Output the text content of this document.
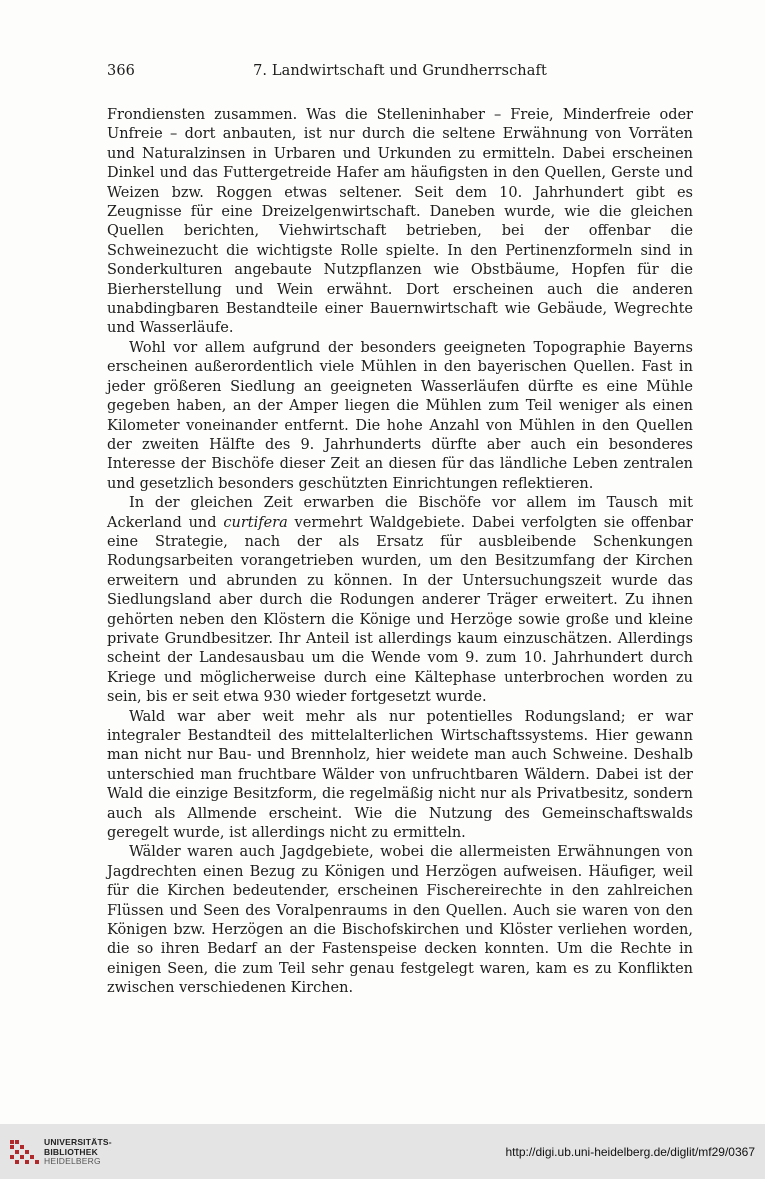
366	7. Landwirtschaft und Grundherrschaft

Frondiensten zusammen. Was die Stelleninhaber – Freie, Minderfreie oder Unfreie – dort anbauten, ist nur durch die seltene Erwähnung von Vorräten und Naturalzinsen in Urbaren und Urkunden zu ermitteln. Dabei erscheinen Dinkel und das Futtergetreide Hafer am häufigsten in den Quellen, Gerste und Weizen bzw. Roggen etwas seltener. Seit dem 10. Jahrhundert gibt es Zeugnisse für eine Dreizelgenwirtschaft. Daneben wurde, wie die gleichen Quellen berichten, Viehwirtschaft betrieben, bei der offenbar die Schweinezucht die wichtigste Rolle spielte. In den Pertinenzformeln sind in Sonderkulturen angebaute Nutzpflanzen wie Obstbäume, Hopfen für die Bierherstellung und Wein erwähnt. Dort erscheinen auch die anderen unabdingbaren Bestandteile einer Bauernwirtschaft wie Gebäude, Wegrechte und Wasserläufe.

Wohl vor allem aufgrund der besonders geeigneten Topographie Bayerns erscheinen außerordentlich viele Mühlen in den bayerischen Quellen. Fast in jeder größeren Siedlung an geeigneten Wasserläufen dürfte es eine Mühle gegeben haben, an der Amper liegen die Mühlen zum Teil weniger als einen Kilometer voneinander entfernt. Die hohe Anzahl von Mühlen in den Quellen der zweiten Hälfte des 9. Jahrhunderts dürfte aber auch ein besonderes Interesse der Bischöfe dieser Zeit an diesen für das ländliche Leben zentralen und gesetzlich besonders geschützten Einrichtungen reflektieren.

In der gleichen Zeit erwarben die Bischöfe vor allem im Tausch mit Ackerland und curtifera vermehrt Waldgebiete. Dabei verfolgten sie offenbar eine Strategie, nach der als Ersatz für ausbleibende Schenkungen Rodungsarbeiten vorangetrieben wurden, um den Besitzumfang der Kirchen erweitern und abrunden zu können. In der Untersuchungszeit wurde das Siedlungsland aber durch die Rodungen anderer Träger erweitert. Zu ihnen gehörten neben den Klöstern die Könige und Herzöge sowie große und kleine private Grundbesitzer. Ihr Anteil ist allerdings kaum einzuschätzen. Allerdings scheint der Landesausbau um die Wende vom 9. zum 10. Jahrhundert durch Kriege und möglicherweise durch eine Kältephase unterbrochen worden zu sein, bis er seit etwa 930 wieder fortgesetzt wurde.

Wald war aber weit mehr als nur potentielles Rodungsland; er war integraler Bestandteil des mittelalterlichen Wirtschaftssystems. Hier gewann man nicht nur Bau- und Brennholz, hier weidete man auch Schweine. Deshalb unterschied man fruchtbare Wälder von unfruchtbaren Wäldern. Dabei ist der Wald die einzige Besitzform, die regelmäßig nicht nur als Privatbesitz, sondern auch als Allmende erscheint. Wie die Nutzung des Gemeinschaftswalds geregelt wurde, ist allerdings nicht zu ermitteln.

Wälder waren auch Jagdgebiete, wobei die allermeisten Erwähnungen von Jagdrechten einen Bezug zu Königen und Herzögen aufweisen. Häufiger, weil für die Kirchen bedeutender, erscheinen Fischereirechte in den zahlreichen Flüssen und Seen des Voralpenraums in den Quellen. Auch sie waren von den Königen bzw. Herzögen an die Bischofskirchen und Klöster verliehen worden, die so ihren Bedarf an der Fastenspeise decken konnten. Um die Rechte in einigen Seen, die zum Teil sehr genau festgelegt waren, kam es zu Konflikten zwischen verschiedenen Kirchen.

UNIVERSITÄTS-
BIBLIOTHEK
HEIDELBERG
http://digi.ub.uni-heidelberg.de/diglit/mf29/0367
